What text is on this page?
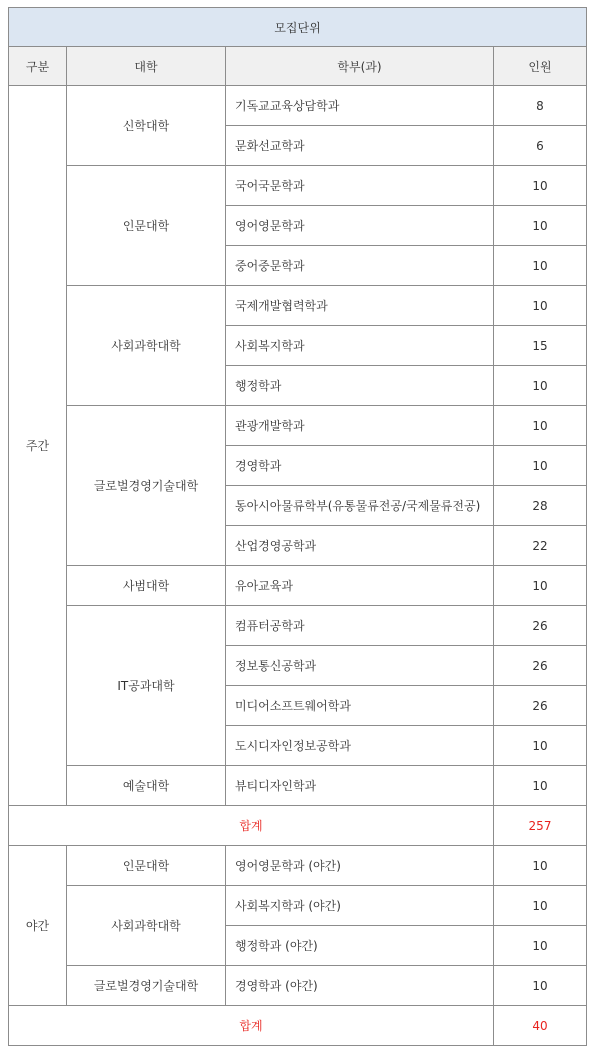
모집단위			
구분	대학	학부(과)	인원
주간	신학대학	기독교교육상담학과	8
		문화선교학과	6
	인문대학	국어국문학과	10
		영어영문학과	10
		중어중문학과	10
	사회과학대학	국제개발협력학과	10
		사회복지학과	15
		행정학과	10
	글로벌경영기술대학	관광개발학과	10
		경영학과	10
		동아시아물류학부(유통물류전공/국제물류전공)	28
		산업경영공학과	22
	사범대학	유아교육과	10
	IT공과대학	컴퓨터공학과	26
		정보통신공학과	26
		미디어소프트웨어학과	26
		도시디자인정보공학과	10
	예술대학	뷰티디자인학과	10
합계			257
야간	인문대학	영어영문학과 (야간)	10
	사회과학대학	사회복지학과 (야간)	10
		행정학과 (야간)	10
	글로벌경영기술대학	경영학과 (야간)	10
합계			40
